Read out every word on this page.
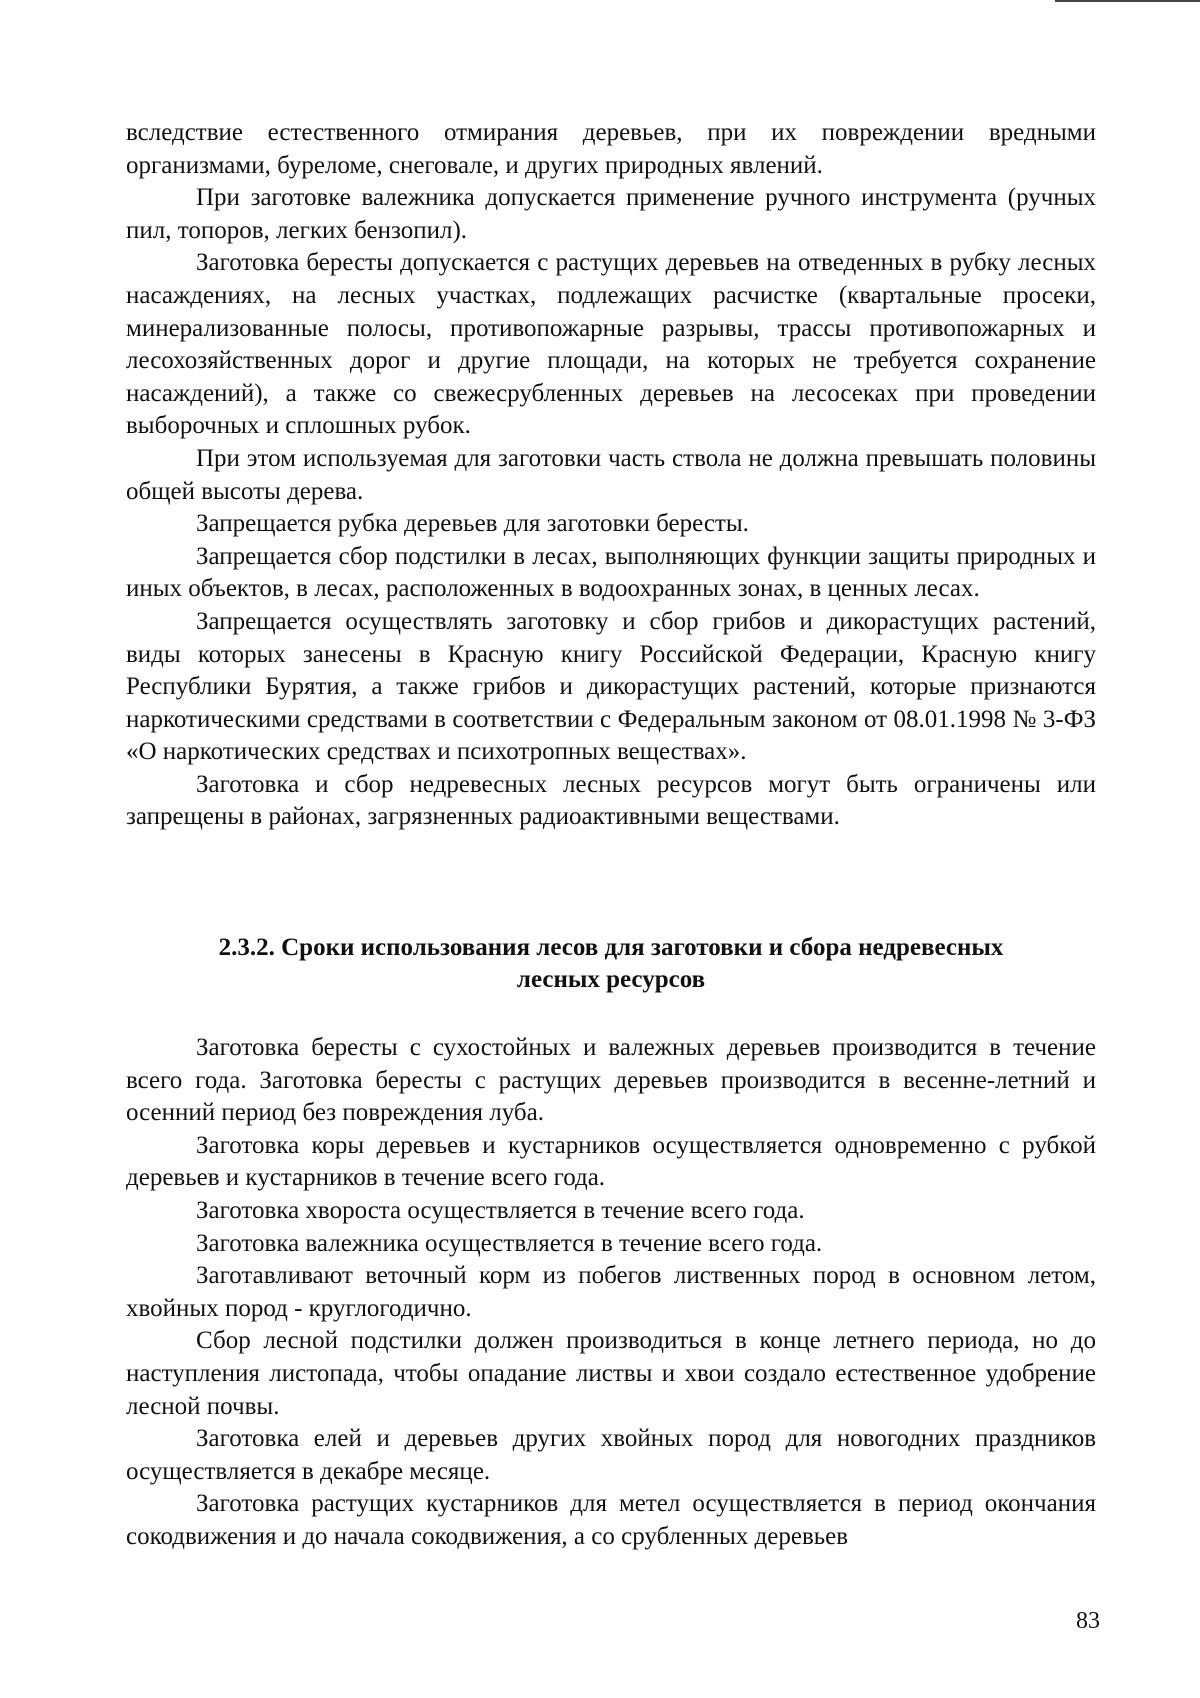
вследствие естественного отмирания деревьев, при их повреждении вредными организмами, буреломе, снеговале, и других природных явлений.

При заготовке валежника допускается применение ручного инструмента (ручных пил, топоров, легких бензопил).

Заготовка бересты допускается с растущих деревьев на отведенных в рубку лесных насаждениях, на лесных участках, подлежащих расчистке (квартальные просеки, минерализованные полосы, противопожарные разрывы, трассы противопожарных и лесохозяйственных дорог и другие площади, на которых не требуется сохранение насаждений), а также со свежесрубленных деревьев на лесосеках при проведении выборочных и сплошных рубок.

При этом используемая для заготовки часть ствола не должна превышать половины общей высоты дерева.

Запрещается рубка деревьев для заготовки бересты.

Запрещается сбор подстилки в лесах, выполняющих функции защиты природных и иных объектов, в лесах, расположенных в водоохранных зонах, в ценных лесах.

Запрещается осуществлять заготовку и сбор грибов и дикорастущих растений, виды которых занесены в Красную книгу Российской Федерации, Красную книгу Республики Бурятия, а также грибов и дикорастущих растений, которые признаются наркотическими средствами в соответствии с Федеральным законом от 08.01.1998 № 3-ФЗ «О наркотических средствах и психотропных веществах».

Заготовка и сбор недревесных лесных ресурсов могут быть ограничены или запрещены в районах, загрязненных радиоактивными веществами.

2.3.2. Сроки использования лесов для заготовки и сбора недревесных
лесных ресурсов

Заготовка бересты с сухостойных и валежных деревьев производится в течение всего года. Заготовка бересты с растущих деревьев производится в весенне-летний и осенний период без повреждения луба.

Заготовка коры деревьев и кустарников осуществляется одновременно с рубкой деревьев и кустарников в течение всего года.

Заготовка хвороста осуществляется в течение всего года.

Заготовка валежника осуществляется в течение всего года.

Заготавливают веточный корм из побегов лиственных пород в основном летом, хвойных пород - круглогодично.

Сбор лесной подстилки должен производиться в конце летнего периода, но до наступления листопада, чтобы опадание листвы и хвои создало естественное удобрение лесной почвы.

Заготовка елей и деревьев других хвойных пород для новогодних праздников осуществляется в декабре месяце.

Заготовка растущих кустарников для метел осуществляется в период окончания сокодвижения и до начала сокодвижения, а со срубленных деревьев

83
